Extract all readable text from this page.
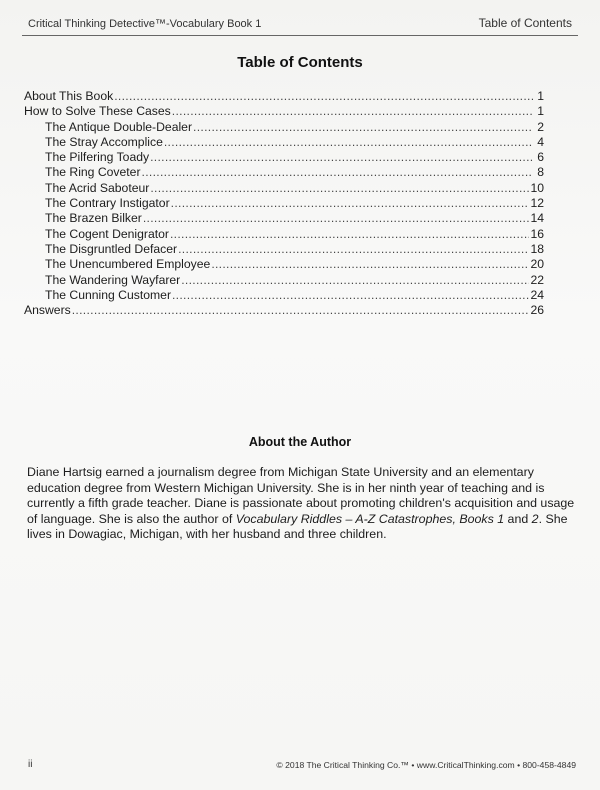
Critical Thinking Detective™-Vocabulary Book 1	Table of Contents
Table of Contents
About This Book .....	1
How to Solve These Cases .....	1
The Antique Double-Dealer .....	2
The Stray Accomplice .....	4
The Pilfering Toady .....	6
The Ring Coveter .....	8
The Acrid Saboteur .....	10
The Contrary Instigator .....	12
The Brazen Bilker .....	14
The Cogent Denigrator .....	16
The Disgruntled Defacer .....	18
The Unencumbered Employee .....	20
The Wandering Wayfarer .....	22
The Cunning Customer .....	24
Answers .....	26
About the Author
Diane Hartsig earned a journalism degree from Michigan State University and an elementary education degree from Western Michigan University. She is in her ninth year of teaching and is currently a fifth grade teacher. Diane is passionate about promoting children's acquisition and usage of language. She is also the author of Vocabulary Riddles – A-Z Catastrophes, Books 1 and 2. She lives in Dowagiac, Michigan, with her husband and three children.
ii	© 2018 The Critical Thinking Co.™ • www.CriticalThinking.com • 800-458-4849
